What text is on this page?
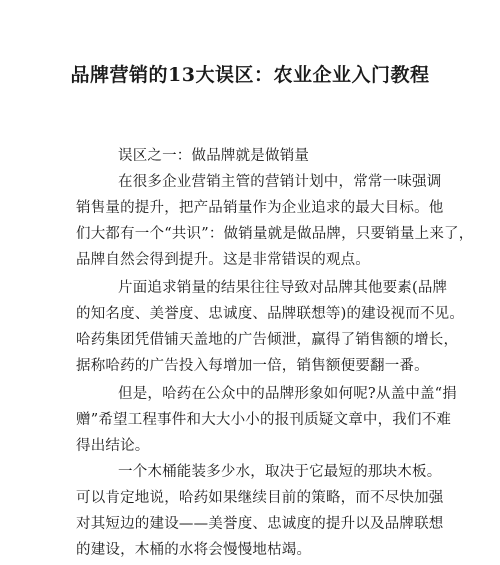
品牌营销的13大误区：农业企业入门教程
误区之一：做品牌就是做销量
在很多企业营销主管的营销计划中，常常一味强调
销售量的提升，把产品销量作为企业追求的最大目标。他
们大都有一个“共识”：做销量就是做品牌，只要销量上来了，
品牌自然会得到提升。这是非常错误的观点。
片面追求销量的结果往往导致对品牌其他要素(品牌
的知名度、美誉度、忠诚度、品牌联想等)的建设视而不见。
哈药集团凭借铺天盖地的广告倾泄，赢得了销售额的增长，
据称哈药的广告投入每增加一倍，销售额便要翻一番。
但是，哈药在公众中的品牌形象如何呢?从盖中盖“捐
赠”希望工程事件和大大小小的报刊质疑文章中，我们不难
得出结论。
一个木桶能装多少水，取决于它最短的那块木板。
可以肯定地说，哈药如果继续目前的策略，而不尽快加强
对其短边的建设——美誉度、忠诚度的提升以及品牌联想
的建设，木桶的水将会慢慢地枯竭。
